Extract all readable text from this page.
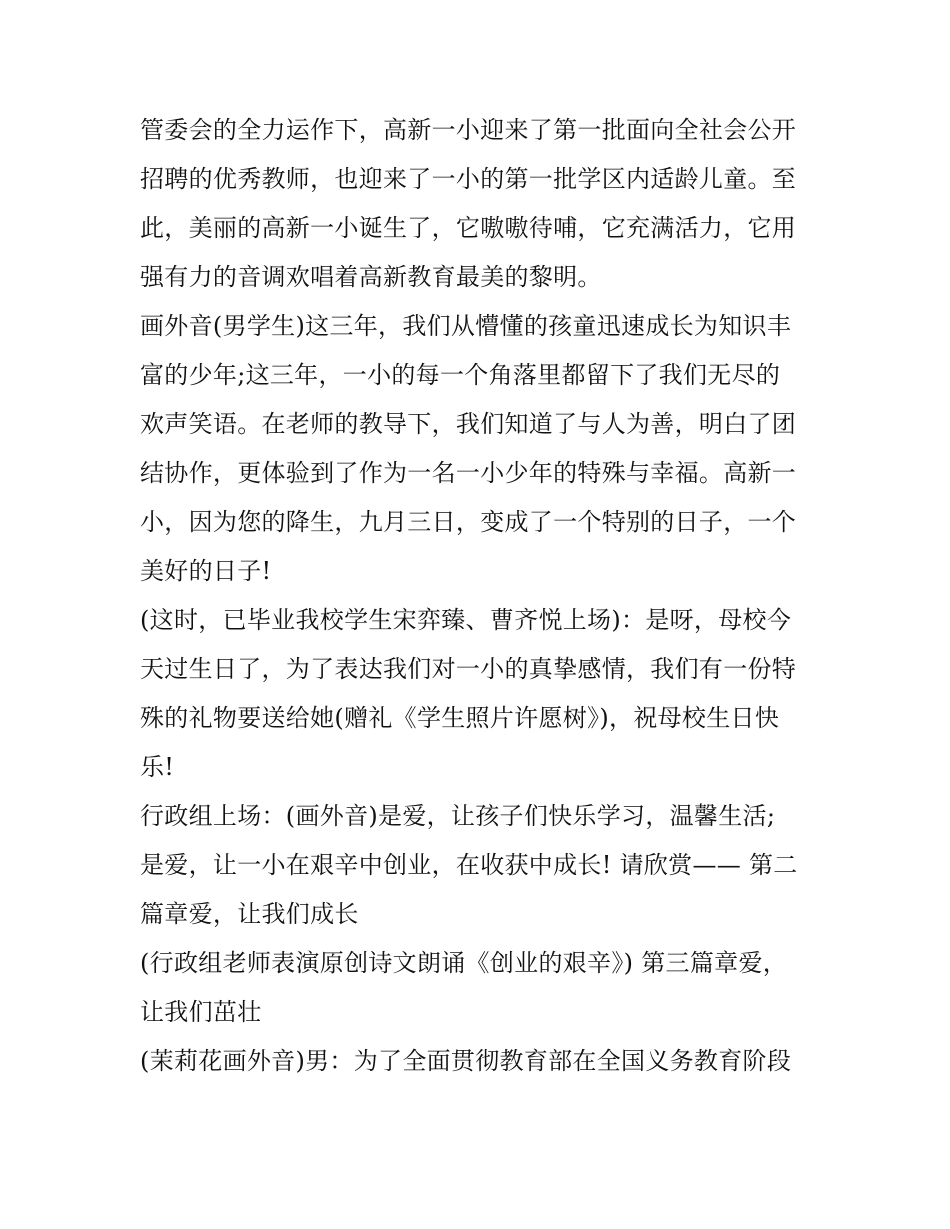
管委会的全力运作下，高新一小迎来了第一批面向全社会公开
招聘的优秀教师，也迎来了一小的第一批学区内适龄儿童。至
此，美丽的高新一小诞生了，它嗷嗷待哺，它充满活力，它用
强有力的音调欢唱着高新教育最美的黎明。
画外音(男学生)这三年，我们从懵懂的孩童迅速成长为知识丰
富的少年;这三年，一小的每一个角落里都留下了我们无尽的
欢声笑语。在老师的教导下，我们知道了与人为善，明白了团
结协作，更体验到了作为一名一小少年的特殊与幸福。高新一
小，因为您的降生，九月三日，变成了一个特别的日子，一个
美好的日子!
(这时，已毕业我校学生宋弈臻、曹齐悦上场)：是呀，母校今
天过生日了，为了表达我们对一小的真挚感情，我们有一份特
殊的礼物要送给她(赠礼《学生照片许愿树》)，祝母校生日快
乐!
行政组上场：(画外音)是爱，让孩子们快乐学习，温馨生活;
是爱，让一小在艰辛中创业，在收获中成长! 请欣赏—— 第二
篇章爱，让我们成长
(行政组老师表演原创诗文朗诵《创业的艰辛》) 第三篇章爱，
让我们茁壮
(茉莉花画外音)男：为了全面贯彻教育部在全国义务教育阶段
